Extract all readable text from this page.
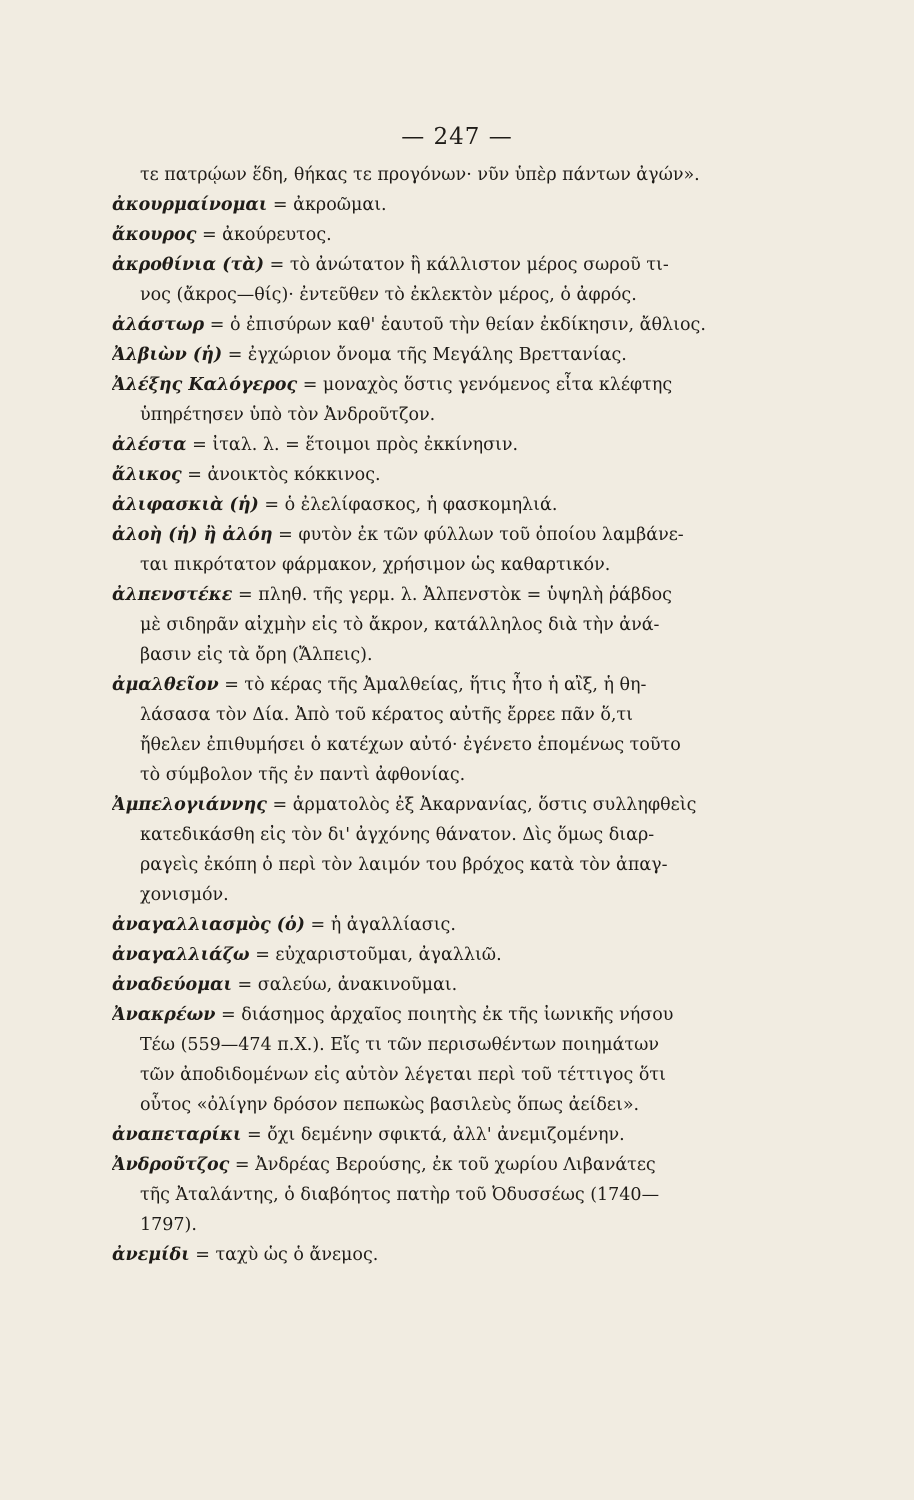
— 247 —
τε πατρῴων ἕδη, θήκας τε προγόνων· νῦν ὑπὲρ πάντων ἀγών».
ἀκουρμαίνομαι = ἀκροῶμαι.
ἄκουρος = ἀκούρευτος.
ἀκροθίνια (τὰ) = τὸ ἀνώτατον ἢ κάλλιστον μέρος σωροῦ τι-
νος (ἄκρος—θίς)· ἐντεῦθεν τὸ ἐκλεκτὸν μέρος, ὁ ἀφρός.
ἀλάστωρ = ὁ ἐπισύρων καθ' ἑαυτοῦ τὴν θείαν ἐκδίκησιν, ἄθλιος.
Ἀλβιὼν (ἡ) = ἐγχώριον ὄνομα τῆς Μεγάλης Βρεττανίας.
Ἀλέξης Καλόγερος = μοναχὸς ὅστις γενόμενος εἶτα κλέφτης
ὑπηρέτησεν ὑπὸ τὸν Ἀνδροῦτζον.
ἀλέστα = ἰταλ. λ. = ἕτοιμοι πρὸς ἐκκίνησιν.
ἄλικος = ἀνοικτὸς κόκκινος.
ἀλιφασκιὰ (ἡ) = ὁ ἐλελίφασκος, ἡ φασκομηλιά.
ἀλοὴ (ἡ) ἢ ἀλόη = φυτὸν ἐκ τῶν φύλλων τοῦ ὁποίου λαμβάνε-
ται πικρότατον φάρμακον, χρήσιμον ὡς καθαρτικόν.
ἀλπενστέκε = πληθ. τῆς γερμ. λ. Ἀλπενστὸκ = ὑψηλὴ ῥάβδος
μὲ σιδηρᾶν αἰχμὴν εἰς τὸ ἄκρον, κατάλληλος διὰ τὴν ἀνά-
βασιν εἰς τὰ ὄρη (Ἄλπεις).
ἀμαλθεῖον = τὸ κέρας τῆς Ἀμαλθείας, ἥτις ἦτο ἡ αἲξ, ἡ θη-
λάσασα τὸν Δία. Ἀπὸ τοῦ κέρατος αὐτῆς ἔρρεε πᾶν ὅ,τι
ἤθελεν ἐπιθυμήσει ὁ κατέχων αὐτό· ἐγένετο ἐπομένως τοῦτο
τὸ σύμβολον τῆς ἐν παντὶ ἀφθονίας.
Ἀμπελογιάννης = ἁρματολὸς ἐξ Ἀκαρνανίας, ὅστις συλληφθεὶς
κατεδικάσθη εἰς τὸν δι' ἀγχόνης θάνατον. Δὶς ὅμως διαρ-
ραγεὶς ἐκόπη ὁ περὶ τὸν λαιμόν του βρόχος κατὰ τὸν ἀπαγ-
χονισμόν.
ἀναγαλλιασμὸς (ὁ) = ἡ ἀγαλλίασις.
ἀναγαλλιάζω = εὐχαριστοῦμαι, ἀγαλλιῶ.
ἀναδεύομαι = σαλεύω, ἀνακινοῦμαι.
Ἀνακρέων = διάσημος ἀρχαῖος ποιητὴς ἐκ τῆς ἰωνικῆς νήσου
Τέω (559—474 π.Χ.). Εἴς τι τῶν περισωθέντων ποιημάτων
τῶν ἀποδιδομένων εἰς αὐτὸν λέγεται περὶ τοῦ τέττιγος ὅτι
οὗτος «ὀλίγην δρόσον πεπωκὼς βασιλεὺς ὅπως ἀείδει».
ἀναπεταρίκι = ὄχι δεμένην σφικτά, ἀλλ' ἀνεμιζομένην.
Ἀνδροῦτζος = Ἀνδρέας Βερούσης, ἐκ τοῦ χωρίου Λιβανάτες
τῆς Ἀταλάντης, ὁ διαβόητος πατὴρ τοῦ Ὀδυσσέως (1740—
1797).
ἀνεμίδι = ταχὺ ὡς ὁ ἄνεμος.
